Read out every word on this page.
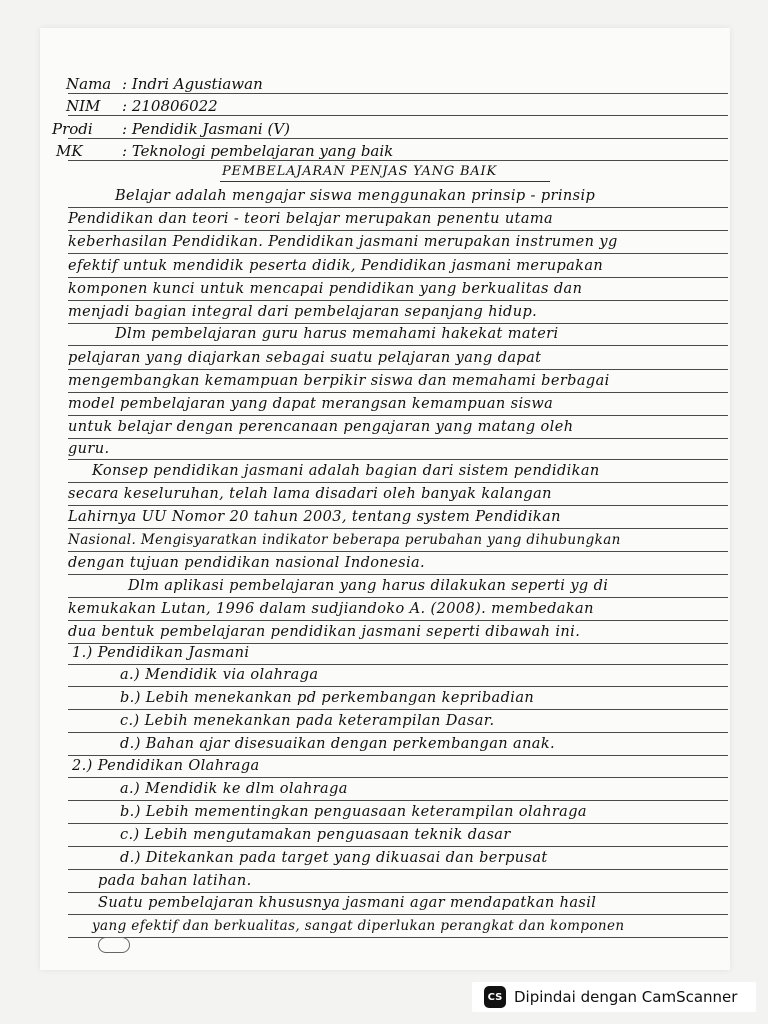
Nama : Indri Agustiawan
NIM : 210806022
Prodi : Pendidik Jasmani (V)
MK	: Teknologi pembelajaran yang baik
PEMBELAJARAN PENJAS YANG BAIK
Belajar adalah mengajar siswa menggunakan prinsip - prinsip
Pendidikan dan teori - teori belajar merupakan penentu utama
keberhasilan Pendidikan. Pendidikan jasmani merupakan instrumen yg
efektif untuk mendidik peserta didik, Pendidikan jasmani merupakan
komponen kunci untuk mencapai pendidikan yang berkualitas dan
menjadi bagian integral dari pembelajaran sepanjang hidup.
Dlm pembelajaran guru harus memahami hakekat materi
pelajaran yang diajarkan sebagai suatu pelajaran yang dapat
mengembangkan kemampuan berpikir siswa dan memahami berbagai
model pembelajaran yang dapat merangsan kemampuan siswa
untuk belajar dengan perencanaan pengajaran yang matang oleh
guru.
Konsep pendidikan jasmani adalah bagian dari sistem pendidikan
secara keseluruhan, telah lama disadari oleh banyak kalangan
Lahirnya UU Nomor 20 tahun 2003, tentang system Pendidikan
Nasional. Mengisyaratkan indikator beberapa perubahan yang dihubungkan
dengan tujuan pendidikan nasional Indonesia.
Dlm aplikasi pembelajaran yang harus dilakukan seperti yg di
kemukakan Lutan, 1996 dalam sudjiandoko A. (2008). membedakan
dua bentuk pembelajaran pendidikan jasmani seperti dibawah ini.
1.) Pendidikan Jasmani
a.) Mendidik via olahraga
b.) Lebih menekankan pd perkembangan kepribadian
c.) Lebih menekankan pada keterampilan Dasar.
d.) Bahan ajar disesuaikan dengan perkembangan anak.
2.) Pendidikan Olahraga
a.) Mendidik ke dlm olahraga
b.) Lebih mementingkan penguasaan keterampilan olahraga
c.) Lebih mengutamakan penguasaan teknik dasar
d.) Ditekankan pada target yang dikuasai dan berpusat
pada bahan latihan.
Suatu pembelajaran khususnya jasmani agar mendapatkan hasil
yang efektif dan berkualitas, sangat diperlukan perangkat dan komponen
CS Dipindai dengan CamScanner
